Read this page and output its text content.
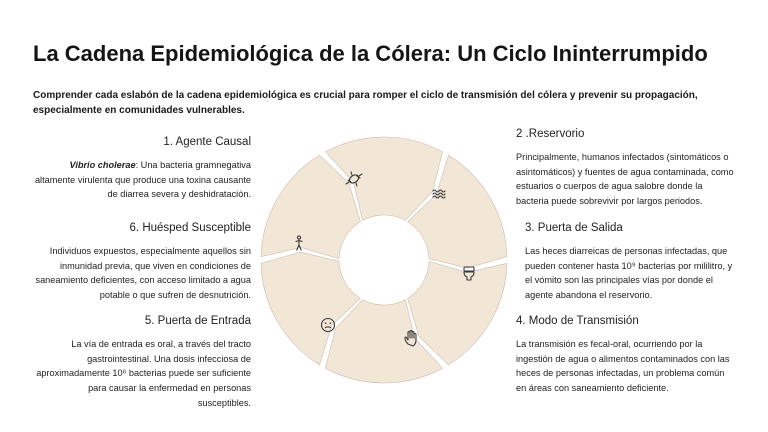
La Cadena Epidemiológica de la Cólera: Un Ciclo Ininterrumpido

Comprender cada eslabón de la cadena epidemiológica es crucial para romper el ciclo de transmisión del cólera y prevenir su propagación, especialmente en comunidades vulnerables.

1. Agente Causal

Vibrio cholerae: Una bacteria gramnegativa altamente virulenta que produce una toxina causante de diarrea severa y deshidratación.

6. Huésped Susceptible

Individuos expuestos, especialmente aquellos sin inmunidad previa, que viven en condiciones de saneamiento deficientes, con acceso limitado a agua potable o que sufren de desnutrición.

5. Puerta de Entrada

La vía de entrada es oral, a través del tracto gastrointestinal. Una dosis infecciosa de aproximadamente 10⁶ bacterias puede ser suficiente para causar la enfermedad en personas susceptibles.

2 .Reservorio

Principalmente, humanos infectados (sintomáticos o asintomáticos) y fuentes de agua contaminada, como estuarios o cuerpos de agua salobre donde la bacteria puede sobrevivir por largos periodos.

3. Puerta de Salida

Las heces diarreicas de personas infectadas, que pueden contener hasta 10⁹ bacterias por mililitro, y el vómito son las principales vías por donde el agente abandona el reservorio.

4. Modo de Transmisión

La transmisión es fecal-oral, ocurriendo por la ingestión de agua o alimentos contaminados con las heces de personas infectadas, un problema común en áreas con saneamiento deficiente.
